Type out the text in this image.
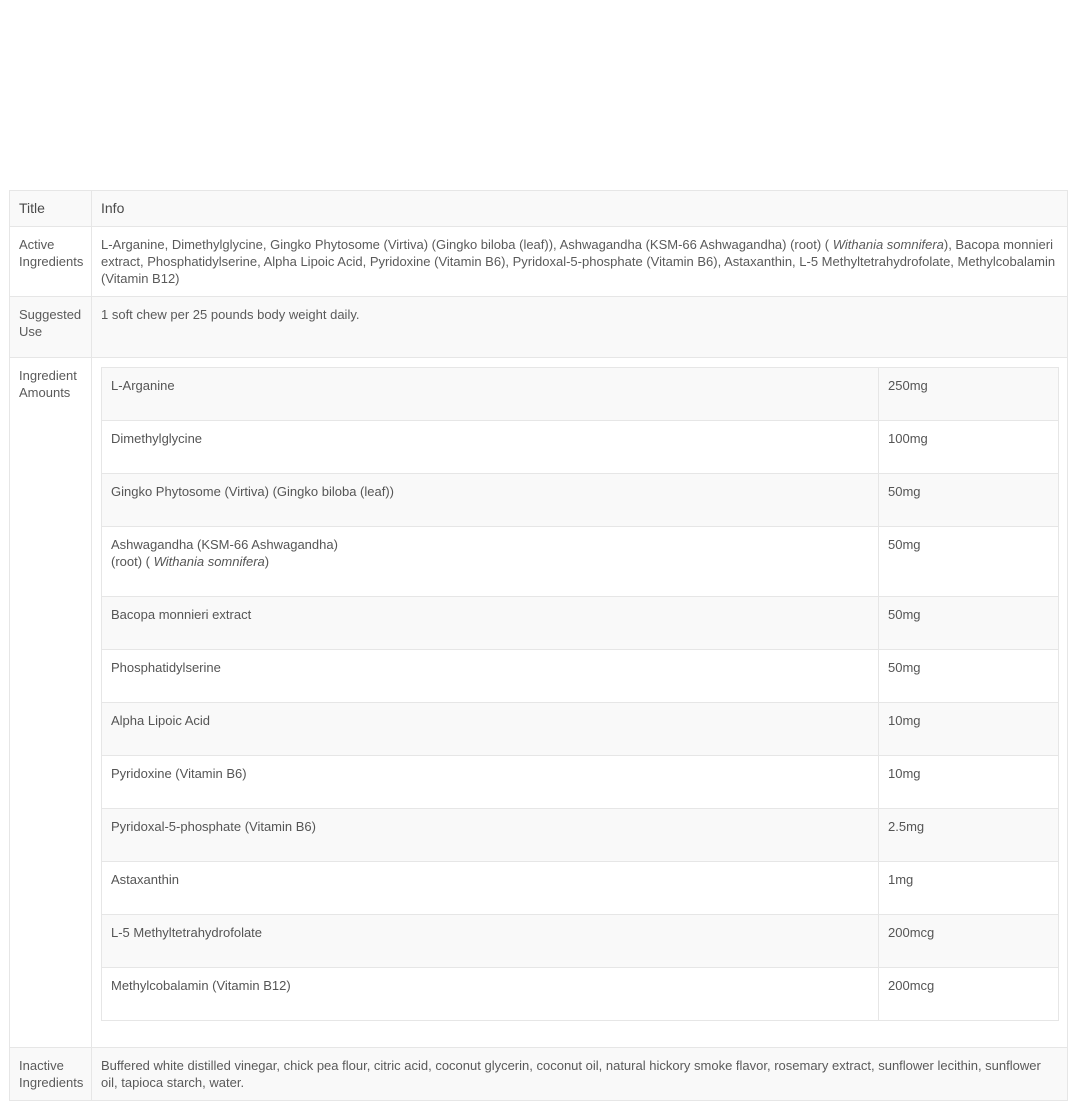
Title	Info
Active Ingredients	L-Arganine, Dimethylglycine, Gingko Phytosome (Virtiva) (Gingko biloba (leaf)), Ashwagandha (KSM-66 Ashwagandha) (root) ( Withania somnifera), Bacopa monnieri extract, Phosphatidylserine, Alpha Lipoic Acid, Pyridoxine (Vitamin B6), Pyridoxal-5-phosphate (Vitamin B6), Astaxanthin, L-5 Methyltetrahydrofolate, Methylcobalamin (Vitamin B12)
Suggested Use	1 soft chew per 25 pounds body weight daily.
Ingredient Amounts		L-Arganine	250mg
Dimethylglycine	100mg
Gingko Phytosome (Virtiva) (Gingko biloba (leaf))	50mg
Ashwagandha (KSM-66 Ashwagandha)
(root) ( Withania somnifera)	50mg
Bacopa monnieri extract	50mg
Phosphatidylserine	50mg
Alpha Lipoic Acid	10mg
Pyridoxine (Vitamin B6)	10mg
Pyridoxal-5-phosphate (Vitamin B6)	2.5mg
Astaxanthin	1mg
L-5 Methyltetrahydrofolate	200mcg
Methylcobalamin (Vitamin B12)	200mcg

Inactive Ingredients	Buffered white distilled vinegar, chick pea flour, citric acid, coconut glycerin, coconut oil, natural hickory smoke flavor, rosemary extract, sunflower lecithin, sunflower oil, tapioca starch, water.
